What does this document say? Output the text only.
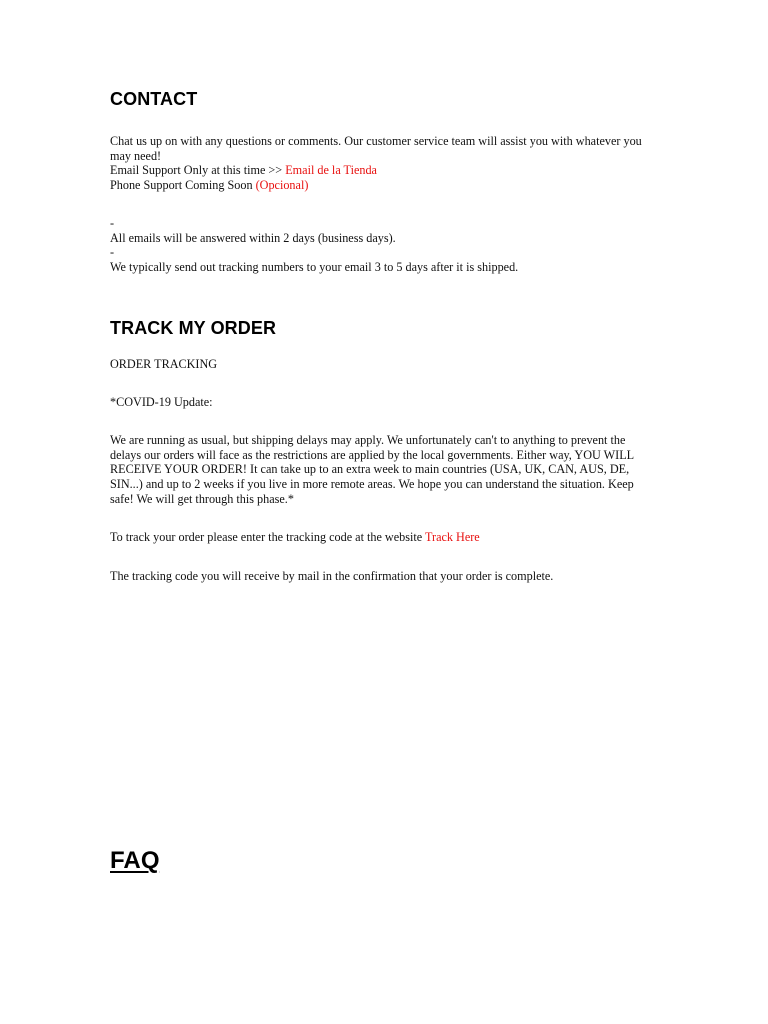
CONTACT

Chat us up on with any questions or comments. Our customer service team will assist you with whatever you may need!

Email Support Only at this time >> Email de la Tienda

Phone Support Coming Soon (Opcional)

-

All emails will be answered within 2 days (business days).

-

We typically send out tracking numbers to your email 3 to 5 days after it is shipped.

TRACK MY ORDER
ORDER TRACKING
*COVID-19 Update:
We are running as usual, but shipping delays may apply. We unfortunately can't to anything to prevent the delays our orders will face as the restrictions are applied by the local governments. Either way, YOU WILL RECEIVE YOUR ORDER! It can take up to an extra week to main countries (USA, UK, CAN, AUS, DE, SIN...) and up to 2 weeks if you live in more remote areas. We hope you can understand the situation. Keep safe! We will get through this phase.*
To track your order please enter the tracking code at the website Track Here
The tracking code you will receive by mail in the confirmation that your order is complete.
FAQ
